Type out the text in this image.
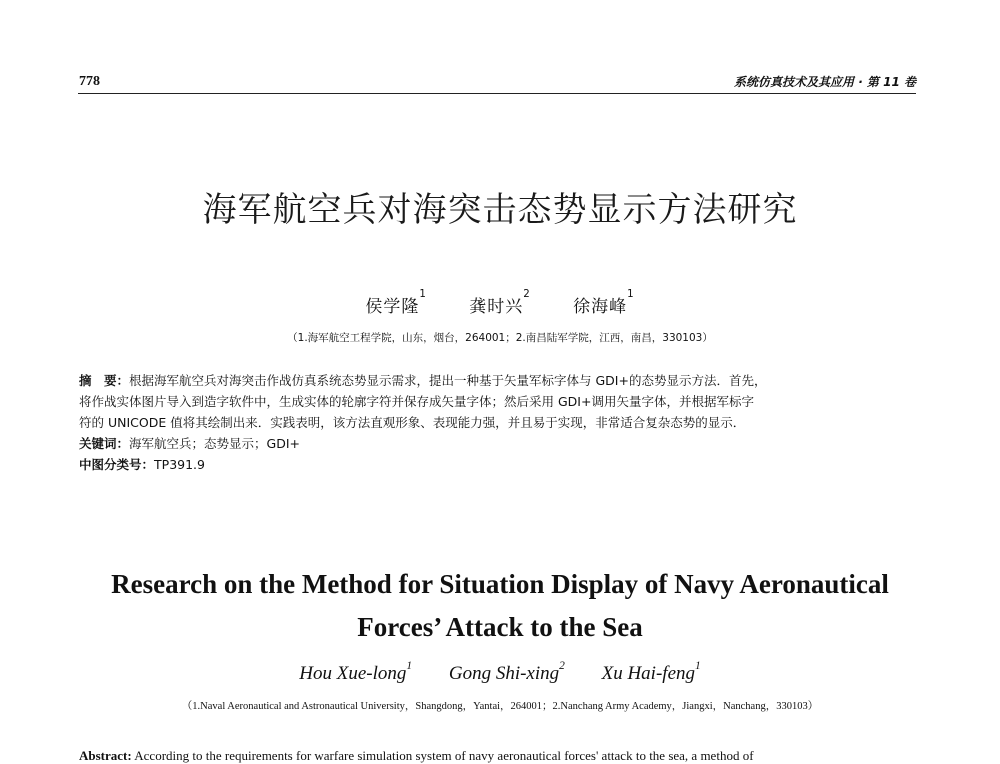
778	系统仿真技术及其应用 · 第 11 卷
海军航空兵对海突击态势显示方法研究
侯学隆$^1$ 龚时兴$^2$ 徐海峰$^1$
（1.海军航空工程学院，山东，烟台，264001；2.南昌陆军学院，江西，南昌，330103）
摘　要：根据海军航空兵对海突击作战仿真系统态势显示需求，提出一种基于矢量军标字体与 GDI+的态势显示方法．首先，
将作战实体图片导入到造字软件中，生成实体的轮廓字符并保存成矢量字体；然后采用 GDI+调用矢量字体，并根据军标字
符的 UNICODE 值将其绘制出来．实践表明，该方法直观形象、表现能力强，并且易于实现，非常适合复杂态势的显示．
关键词：海军航空兵；态势显示；GDI+
中图分类号：TP391.9
Research on the Method for Situation Display of Navy Aeronautical
Forces’ Attack to the Sea
Hou Xue-long$^1$ Gong Shi-xing$^2$ Xu Hai-feng$^1$
（1.Naval Aeronautical and Astronautical University，Shangdong，Yantai，264001；2.Nanchang Army Academy，Jiangxi，Nanchang，330103）
Abstract: According to the requirements for warfare simulation system of navy aeronautical forces' attack to the sea, a method of
